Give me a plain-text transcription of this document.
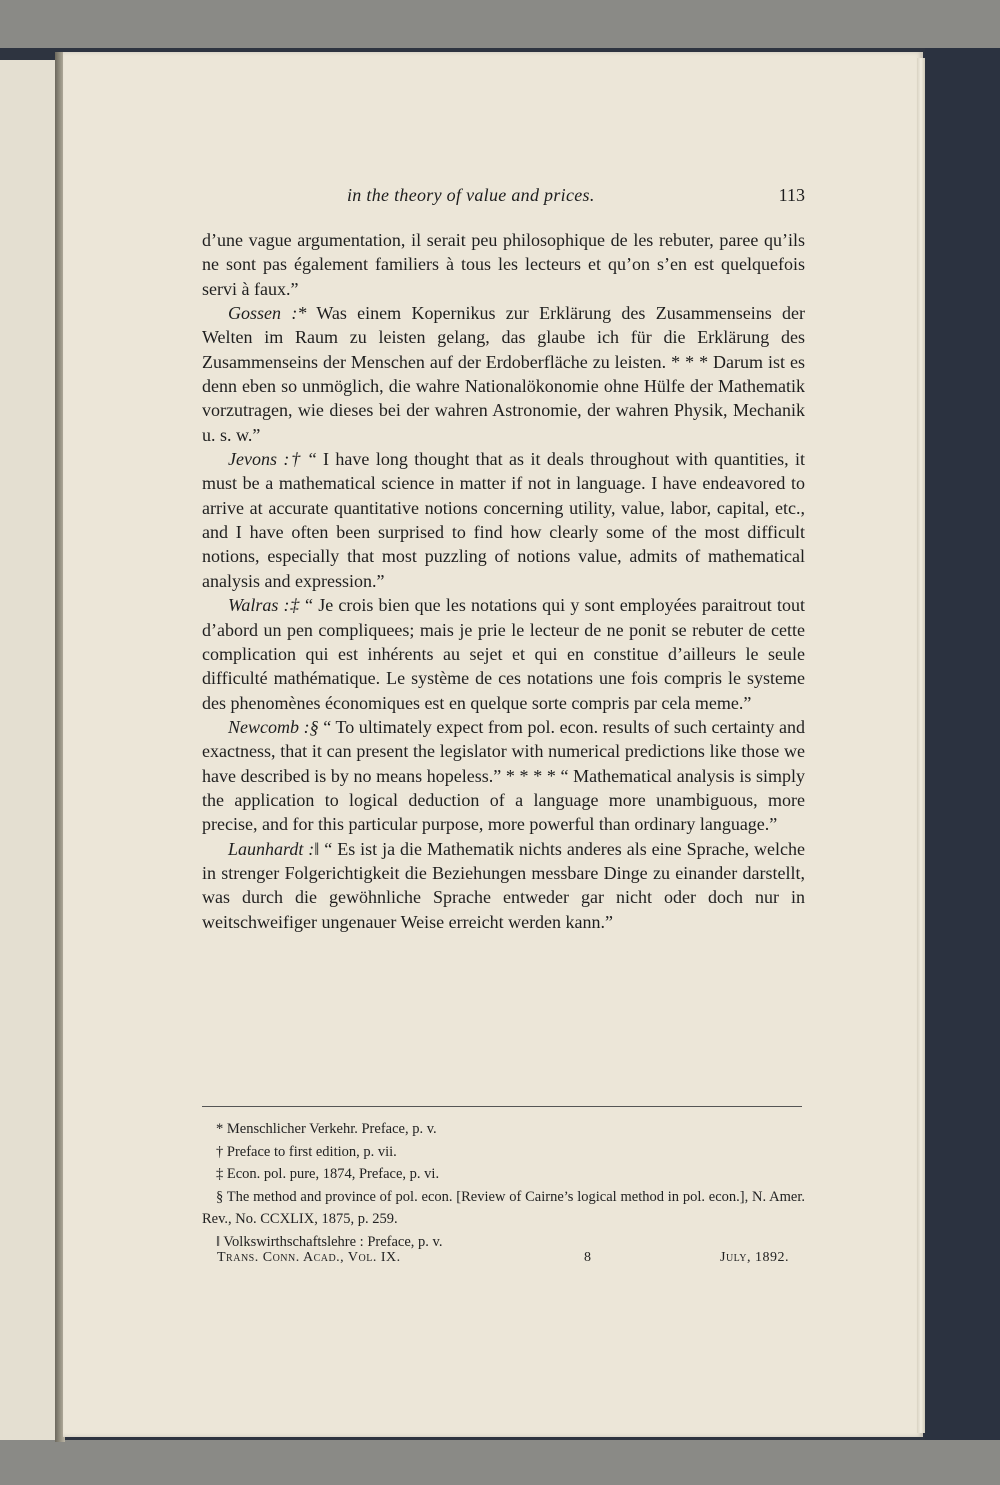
in the theory of value and prices.	113

d’une vague argumentation, il serait peu philosophique de les rebuter, paree qu’ils ne sont pas également familiers à tous les lecteurs et qu’on s’en est quelquefois servi à faux.”

Gossen :* Was einem Kopernikus zur Erklärung des Zusammenseins der Welten im Raum zu leisten gelang, das glaube ich für die Erklärung des Zusammenseins der Menschen auf der Erdoberfläche zu leisten. * * * Darum ist es denn eben so unmöglich, die wahre Nationalökonomie ohne Hülfe der Mathematik vorzutragen, wie dieses bei der wahren Astronomie, der wahren Physik, Mechanik u. s. w.”

Jevons :† “ I have long thought that as it deals throughout with quantities, it must be a mathematical science in matter if not in language. I have endeavored to arrive at accurate quantitative notions concerning utility, value, labor, capital, etc., and I have often been surprised to find how clearly some of the most difficult notions, especially that most puzzling of notions value, admits of mathematical analysis and expression.”

Walras :‡ “ Je crois bien que les notations qui y sont employées paraitrout tout d’abord un pen compliquees; mais je prie le lecteur de ne ponit se rebuter de cette complication qui est inhérents au sejet et qui en constitue d’ailleurs le seule difficulté mathématique. Le système de ces notations une fois compris le systeme des phenomènes économiques est en quelque sorte compris par cela meme.”

Newcomb :§ “ To ultimately expect from pol. econ. results of such certainty and exactness, that it can present the legislator with numerical predictions like those we have described is by no means hopeless.” * * * * “ Mathematical analysis is simply the application to logical deduction of a language more unambiguous, more precise, and for this particular purpose, more powerful than ordinary language.”

Launhardt :‖ “ Es ist ja die Mathematik nichts anderes als eine Sprache, welche in strenger Folgerichtigkeit die Beziehungen messbare Dinge zu einander darstellt, was durch die gewöhnliche Sprache entweder gar nicht oder doch nur in weitschweifiger ungenauer Weise erreicht werden kann.”

* Menschlicher Verkehr. Preface, p. v.

† Preface to first edition, p. vii.

‡ Econ. pol. pure, 1874, Preface, p. vi.

§ The method and province of pol. econ. [Review of Cairne’s logical method in pol. econ.], N. Amer. Rev., No. CCXLIX, 1875, p. 259.

‖ Volkswirthschaftslehre : Preface, p. v.

Trans. Conn. Acad., Vol. IX.	8	July, 1892.
